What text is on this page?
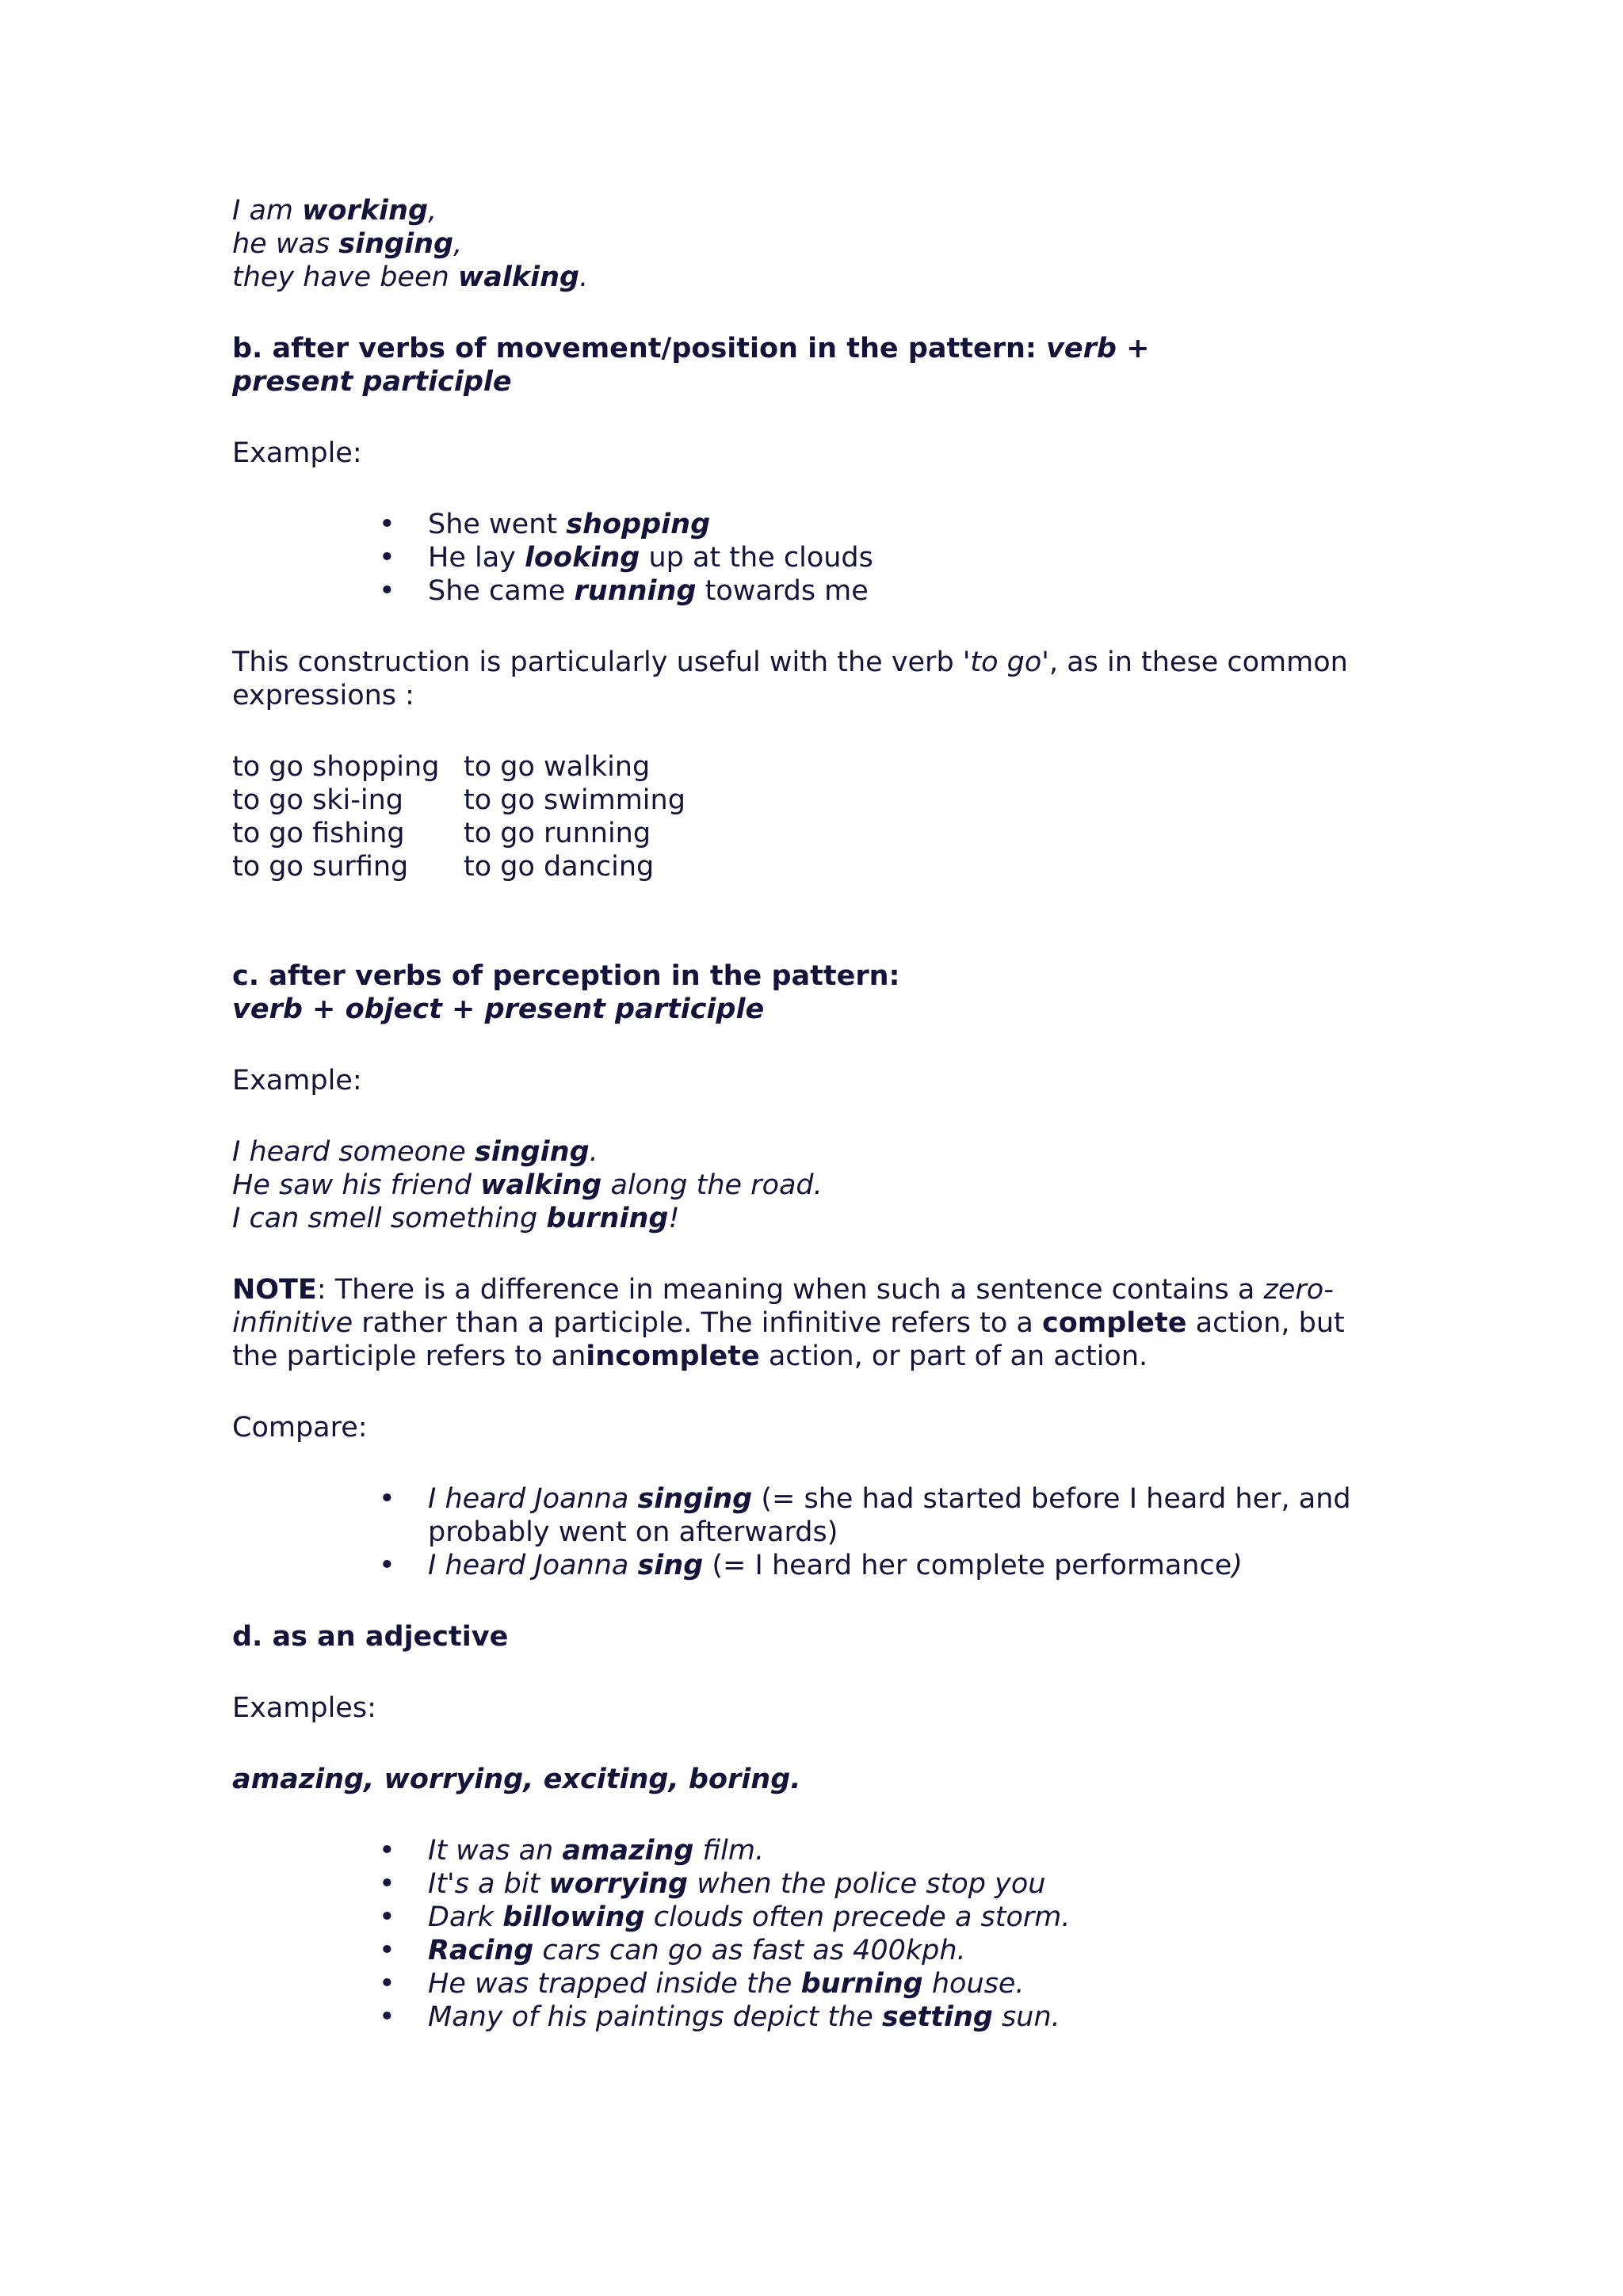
I am working,

he was singing,

they have been walking.

b. after verbs of movement/position in the pattern: verb + present participle

Example:

• She went shopping
• He lay looking up at the clouds
• She came running towards me

This construction is particularly useful with the verb 'to go', as in these common expressions :

to go shopping
to go ski-ing
to go fishing
to go surfing
to go walking
to go swimming
to go running
to go dancing

c. after verbs of perception in the pattern:

verb + object + present participle

Example:

I heard someone singing.

He saw his friend walking along the road.

I can smell something burning!

NOTE: There is a difference in meaning when such a sentence contains a zero-infinitive rather than a participle. The infinitive refers to a complete action, but the participle refers to anincomplete action, or part of an action.

Compare:

• I heard Joanna singing (= she had started before I heard her, and probably went on afterwards)
• I heard Joanna sing (= I heard her complete performance)

d. as an adjective

Examples:

amazing, worrying, exciting, boring.

• It was an amazing film.
• It's a bit worrying when the police stop you
• Dark billowing clouds often precede a storm.
• Racing cars can go as fast as 400kph.
• He was trapped inside the burning house.
• Many of his paintings depict the setting sun.
